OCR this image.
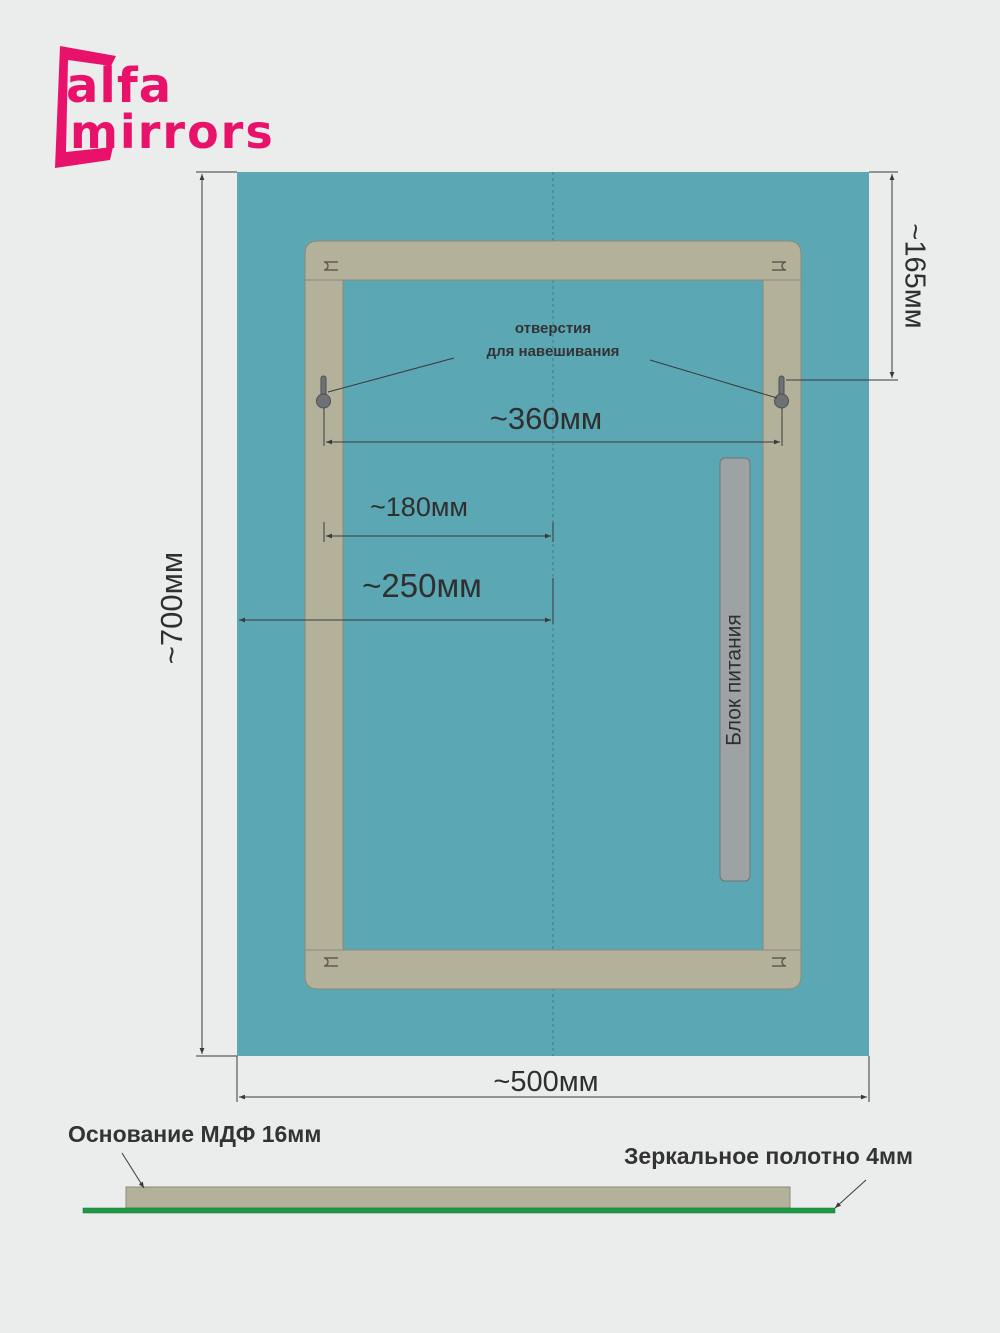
alfa
mirrors
отверстия
для навешивания
Блок питания
~360мм
~180мм
~250мм
~700мм
~165мм
~500мм
Основание МДФ 16мм
Зеркальное полотно 4мм
